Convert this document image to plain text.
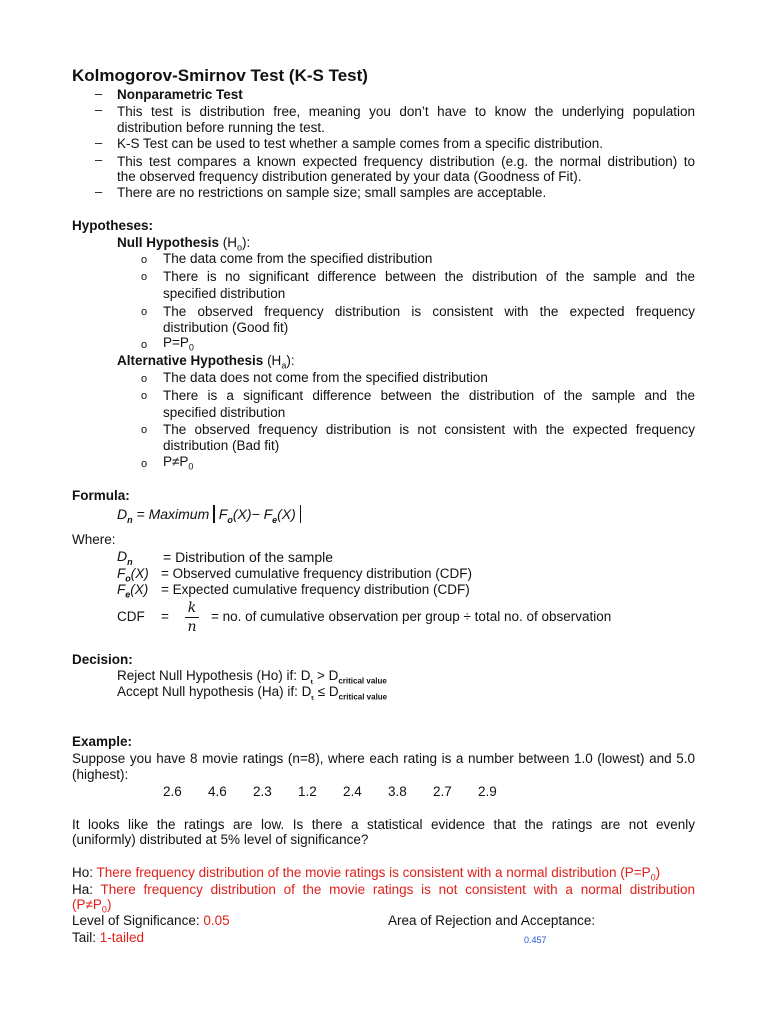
Kolmogorov-Smirnov Test (K-S Test)
– Nonparametric Test
– This test is distribution free, meaning you don’t have to know the underlying population
distribution before running the test.
– K-S Test can be used to test whether a sample comes from a specific distribution.
– This test compares a known expected frequency distribution (e.g. the normal distribution) to
the observed frequency distribution generated by your data (Goodness of Fit).
– There are no restrictions on sample size; small samples are acceptable.
Hypotheses:
Null Hypothesis $(H_o)$:
o The data come from the specified distribution
o There is no significant difference between the distribution of the sample and the
specified distribution
o The observed frequency distribution is consistent with the expected frequency
distribution (Good fit)
o $P=P_0$
Alternative Hypothesis $(H_a)$:
o The data does not come from the specified distribution
o There is a significant difference between the distribution of the sample and the
specified distribution
o The observed frequency distribution is not consistent with the expected frequency
distribution (Bad fit)
o $P\ne P_0$
Formula:
$D_n$ = Maximum $F_o(X)- F_e(X)$
Where:
$D_n$ = Distribution of the sample
$F_o(X)$ = Observed cumulative frequency distribution (CDF)
$F_e(X)$ = Expected cumulative frequency distribution (CDF)
CDF =
k
n
= no. of cumulative observation per group ÷ total no. of observation
Decision:
Reject Null Hypothesis (Ho) if: $D_{_t} > D_{critical value}$
Accept Null hypothesis (Ha) if: $D_{_t} \le D_{critical value}$
Example:
Suppose you have 8 movie ratings (n=8), where each rating is a number between 1.0 (lowest) and 5.0
(highest):
2.6 4.6 2.3 1.2 2.4 3.8 2.7 2.9
It looks like the ratings are low. Is there a statistical evidence that the ratings are not evenly
(uniformly) distributed at 5% level of significance?
Ho: There frequency distribution of the movie ratings is consistent with a normal distribution $(P=P_0)$
Ha: There frequency distribution of the movie ratings is not consistent with a normal distribution
$(P\ne P_0)$
Level of Significance: 0.05
Tail: 1-tailed
Area of Rejection and Acceptance:
0.457
